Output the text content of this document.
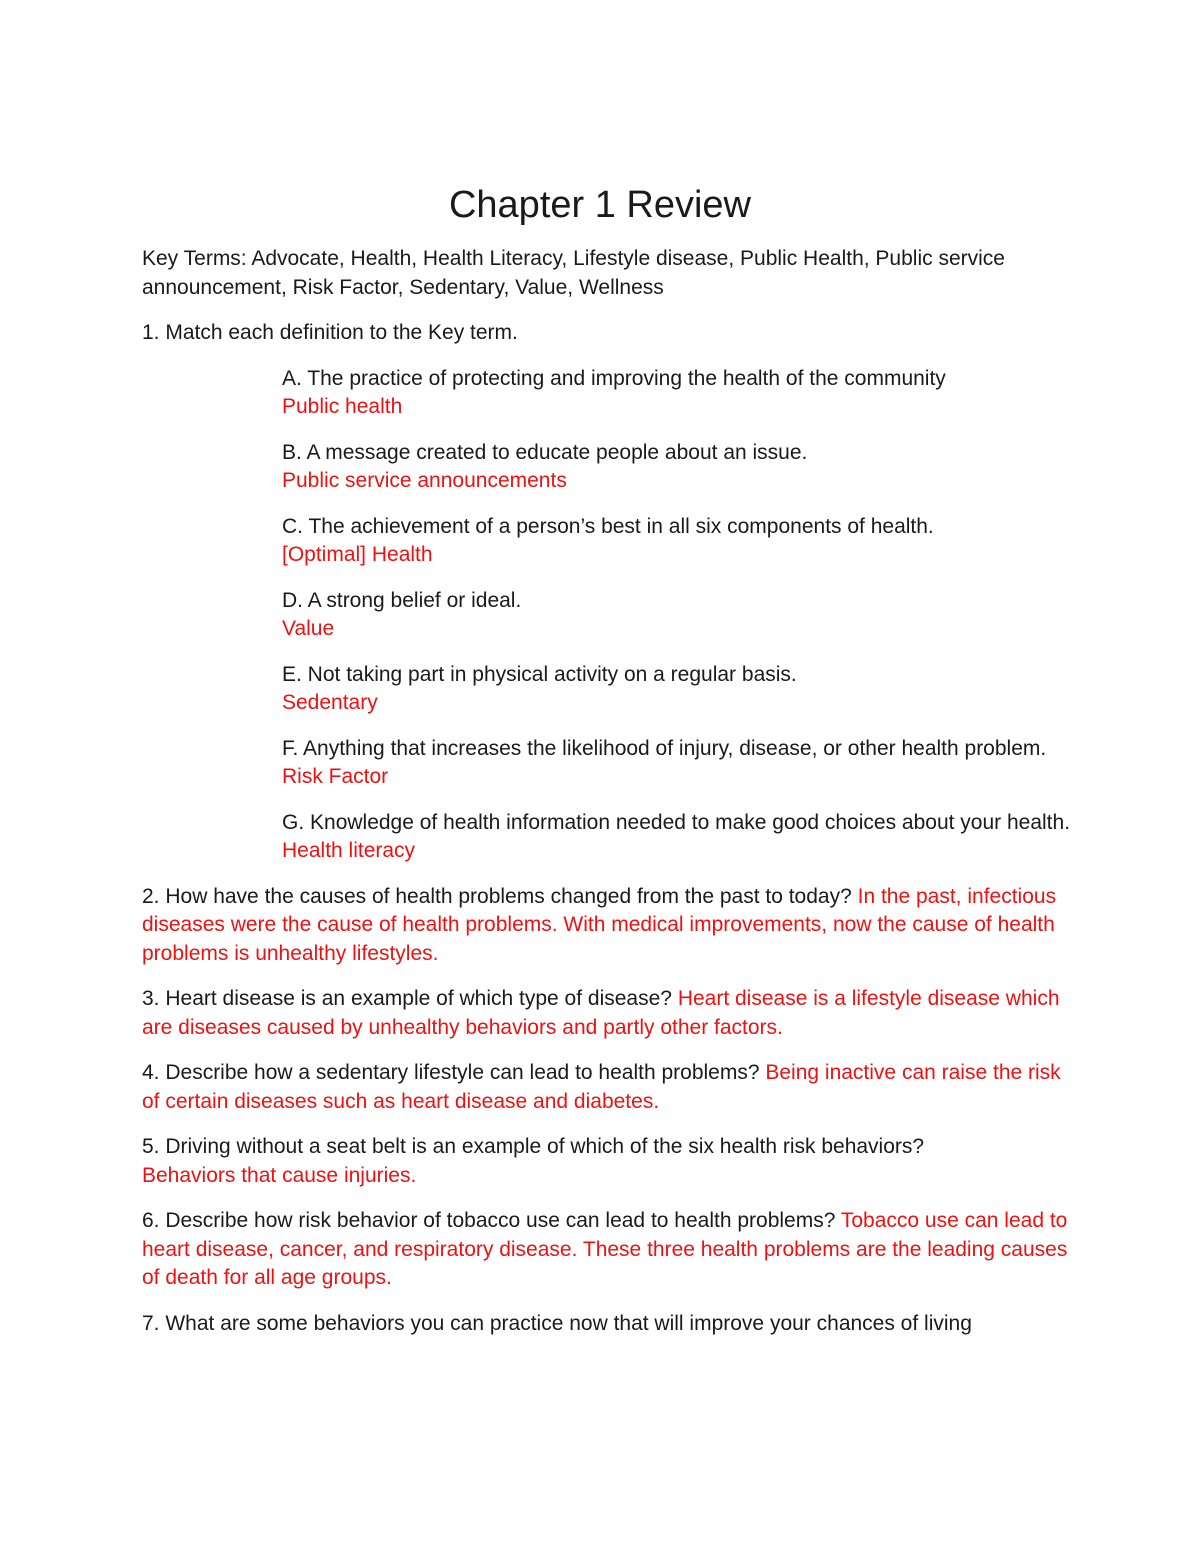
Chapter 1 Review

Key Terms: Advocate, Health, Health Literacy, Lifestyle disease, Public Health, Public service announcement, Risk Factor, Sedentary, Value, Wellness

1. Match each definition to the Key term.

A. The practice of protecting and improving the health of the community
Public health

B. A message created to educate people about an issue.
Public service announcements

C. The achievement of a person’s best in all six components of health.
[Optimal] Health

D. A strong belief or ideal.
Value

E. Not taking part in physical activity on a regular basis.
Sedentary

F. Anything that increases the likelihood of injury, disease, or other health problem.
Risk Factor

G. Knowledge of health information needed to make good choices about your health.
Health literacy

2. How have the causes of health problems changed from the past to today? In the past, infectious diseases were the cause of health problems. With medical improvements, now the cause of health problems is unhealthy lifestyles.

3. Heart disease is an example of which type of disease? Heart disease is a lifestyle disease which are diseases caused by unhealthy behaviors and partly other factors.

4. Describe how a sedentary lifestyle can lead to health problems? Being inactive can raise the risk of certain diseases such as heart disease and diabetes.

5. Driving without a seat belt is an example of which of the six health risk behaviors?
Behaviors that cause injuries.

6. Describe how risk behavior of tobacco use can lead to health problems? Tobacco use can lead to heart disease, cancer, and respiratory disease. These three health problems are the leading causes of death for all age groups.

7. What are some behaviors you can practice now that will improve your chances of living
